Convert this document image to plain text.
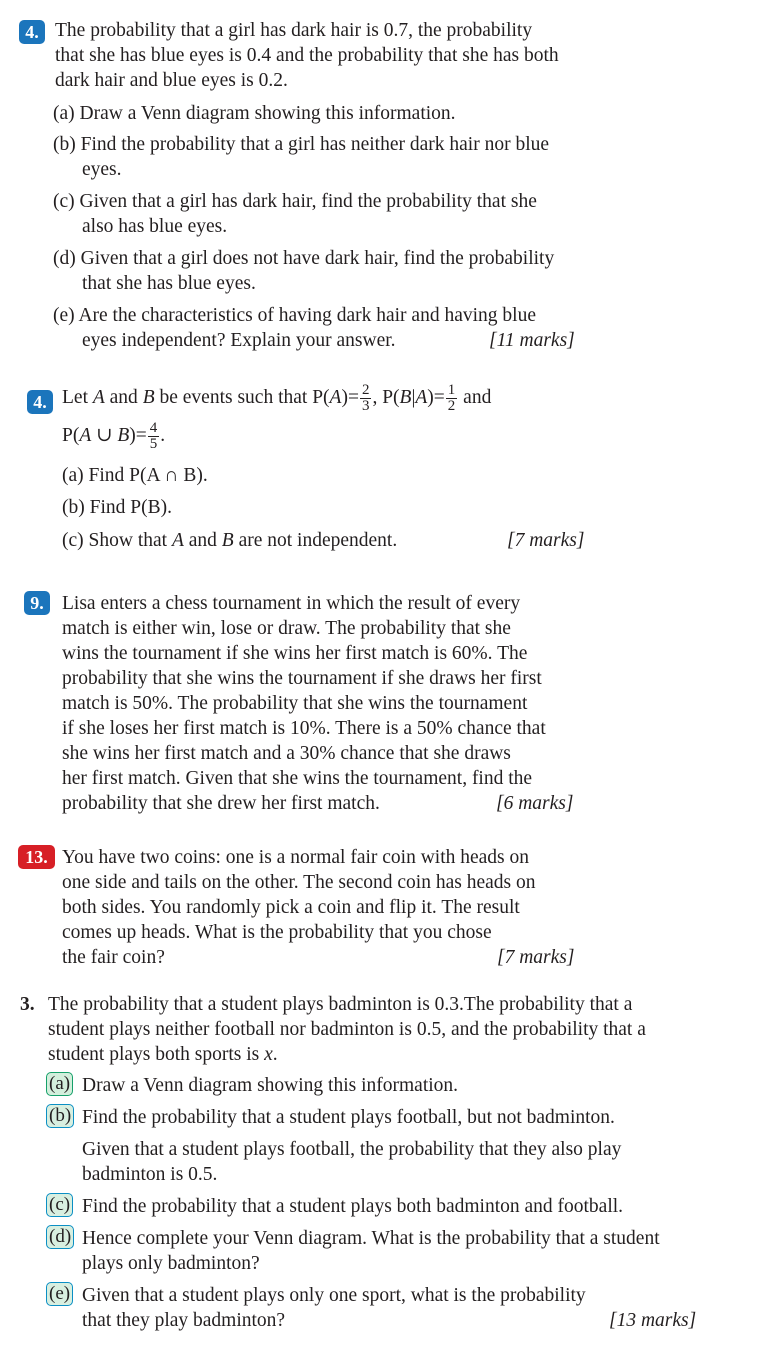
4. The probability that a girl has dark hair is 0.7, the probability
that she has blue eyes is 0.4 and the probability that she has both
dark hair and blue eyes is 0.2.
(a) Draw a Venn diagram showing this information.
(b) Find the probability that a girl has neither dark hair nor blue
eyes.
(c) Given that a girl has dark hair, find the probability that she
also has blue eyes.
(d) Given that a girl does not have dark hair, find the probability
that she has blue eyes.
(e) Are the characteristics of having dark hair and having blue
eyes independent? Explain your answer.	[11 marks]
4. Let A and B be events such that $P(A)= \frac{2}{3}$ , $P(B|A)= \frac{1}{2}$ and
P(A ∪ $B)= \frac{4}{5}$ .
(a) Find P(A ∩ B).
(b) Find P(B).
(c) Show that A and B are not independent.	[7 marks]
9. Lisa enters a chess tournament in which the result of every
match is either win, lose or draw. The probability that she
wins the tournament if she wins her first match is 60%. The
probability that she wins the tournament if she draws her first
match is 50%. The probability that she wins the tournament
if she loses her first match is 10%. There is a 50% chance that
she wins her first match and a 30% chance that she draws
her first match. Given that she wins the tournament, find the
probability that she drew her first match.	[6 marks]
13. You have two coins: one is a normal fair coin with heads on
one side and tails on the other. The second coin has heads on
both sides. You randomly pick a coin and flip it. The result
comes up heads. What is the probability that you chose
the fair coin?	[7 marks]
3. The probability that a student plays badminton is 0.3.The probability that a
student plays neither football nor badminton is 0.5, and the probability that a
student plays both sports is x.
(a) Draw a Venn diagram showing this information.
(b) Find the probability that a student plays football, but not badminton.
Given that a student plays football, the probability that they also play
badminton is 0.5.
(c) Find the probability that a student plays both badminton and football.
(d) Hence complete your Venn diagram. What is the probability that a student
plays only badminton?
(e) Given that a student plays only one sport, what is the probability
that they play badminton?	[13 marks]
